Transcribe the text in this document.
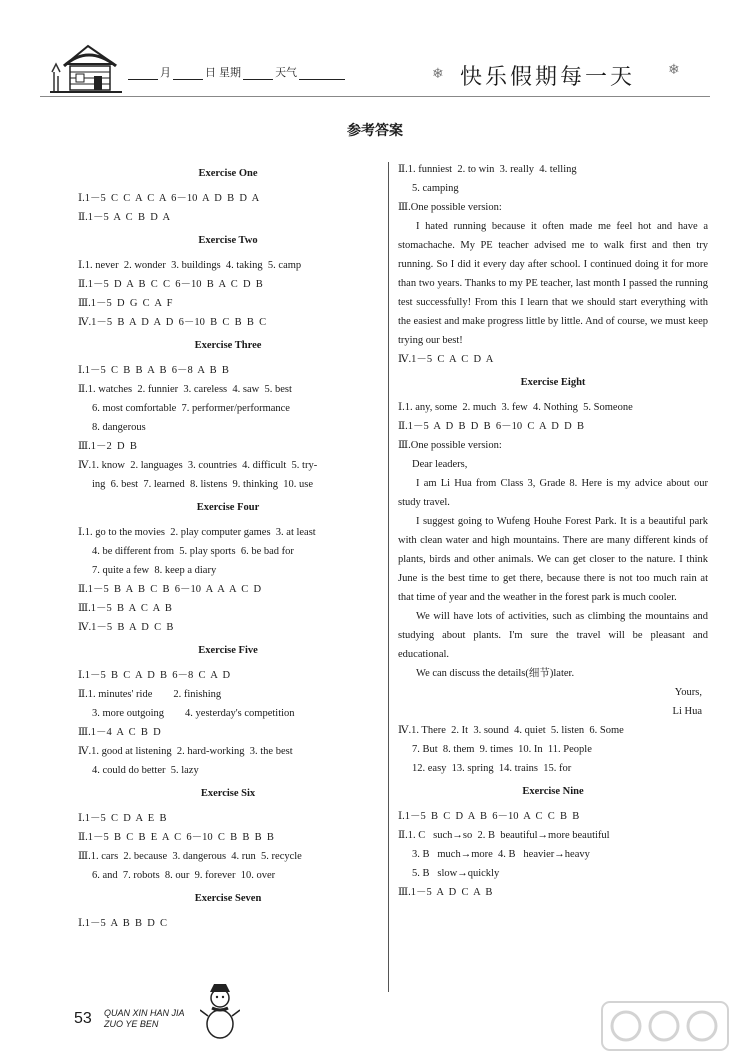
月	日 星期	天气	❄ 快乐假期每一天 ❄
参考答案
Exercise One
Ⅰ.1－5  C  C  A  C  A  6－10  A  D  B  D  A
Ⅱ.1－5  A  C  B  D  A
Exercise Two
Ⅰ.1. never  2. wonder  3. buildings  4. taking  5. camp
Ⅱ.1－5  D  A  B  C  C  6－10  B  A  C  D  B
Ⅲ.1－5  D  G  C  A  F
Ⅳ.1－5  B  A  D  A  D  6－10  B  C  B  B  C
Exercise Three
Ⅰ.1－5  C  B  B  A  B  6－8  A  B  B
Ⅱ.1. watches  2. funnier  3. careless  4. saw  5. best
6. most comfortable  7. performer/performance
8. dangerous
Ⅲ.1－2  D  B
Ⅳ.1. know  2. languages  3. countries  4. difficult  5. try-
ing  6. best  7. learned  8. listens  9. thinking  10. use
Exercise Four
Ⅰ.1. go to the movies  2. play computer games  3. at least
4. be different from  5. play sports  6. be bad for
7. quite a few  8. keep a diary
Ⅱ.1－5  B  A  B  C  B  6－10  A  A  A  C  D
Ⅲ.1－5  B  A  C  A  B
Ⅳ.1－5  B  A  D  C  B
Exercise Five
Ⅰ.1－5  B  C  A  D  B  6－8  C  A  D
Ⅱ.1. minutes' ride        2. finishing
3. more outgoing        4. yesterday's competition
Ⅲ.1－4  A  C  B  D
Ⅳ.1. good at listening  2. hard-working  3. the best
4. could do better  5. lazy
Exercise Six
Ⅰ.1－5  C  D  A  E  B
Ⅱ.1－5  B  C  B  E  A  C  6－10  C  B  B  B  B
Ⅲ.1. cars  2. because  3. dangerous  4. run  5. recycle
6. and  7. robots  8. our  9. forever  10. over
Exercise Seven
Ⅰ.1－5  A  B  B  D  C
Ⅱ.1. funniest  2. to win  3. really  4. telling
5. camping
Ⅲ.One possible version:
I hated running because it often made me feel hot and have a stomachache. My PE teacher advised me to walk first and then try running. So I did it every day after school. I continued doing it for more than two years. Thanks to my PE teacher, last month I passed the running test successfully! From this I learn that we should start everything with the easiest and make progress little by little. And of course, we must keep trying our best!
Ⅳ.1－5  C  A  C  D  A
Exercise Eight
Ⅰ.1. any, some  2. much  3. few  4. Nothing  5. Someone
Ⅱ.1－5  A  D  B  D  B  6－10  C  A  D  D  B
Ⅲ.One possible version:
Dear leaders,
I am Li Hua from Class 3, Grade 8. Here is my advice about our study travel.
I suggest going to Wufeng Houhe Forest Park. It is a beautiful park with clean water and high mountains. There are many different kinds of plants, birds and other animals. We can get closer to the nature. I think June is the best time to get there, because there is not too much rain at that time of year and the weather in the forest park is much cooler.
We will have lots of activities, such as climbing the mountains and studying about plants. I'm sure the travel will be pleasant and educational.
We can discuss the details(细节)later.
Yours,
Li Hua
Ⅳ.1. There  2. It  3. sound  4. quiet  5. listen  6. Some
7. But  8. them  9. times  10. In  11. People
12. easy  13. spring  14. trains  15. for
Exercise Nine
Ⅰ.1－5  B  C  D  A  B  6－10  A  C  C  B  B
Ⅱ.1. C   such→so  2. B  beautiful→more beautiful
3. B   much→more  4. B   heavier→heavy
5. B   slow→quickly
Ⅲ.1－5  A  D  C  A  B
53 QUAN XIN HAN JIA
ZUO YE BEN
